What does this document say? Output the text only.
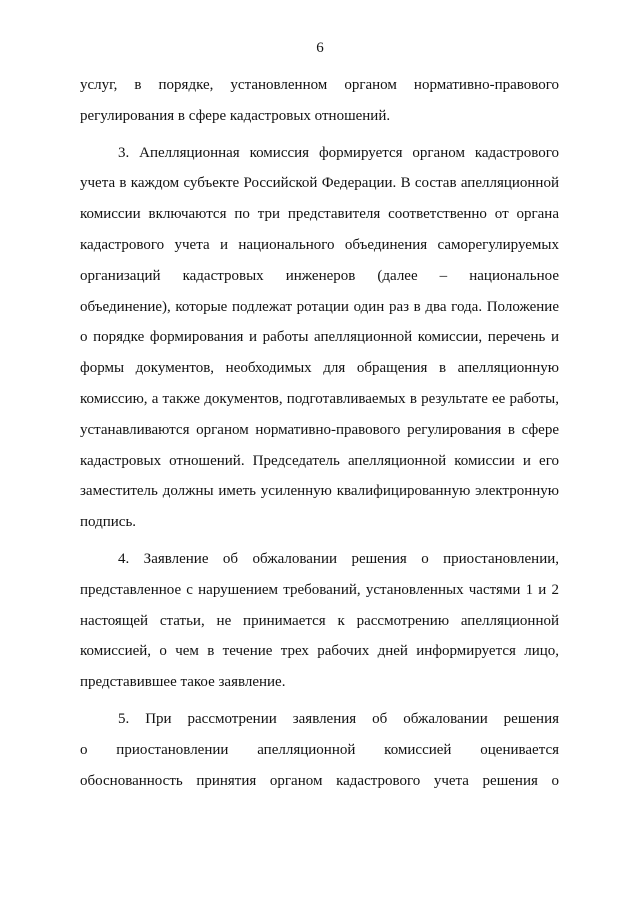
6
услуг, в порядке, установленном органом нормативно-правового
регулирования в сфере кадастровых отношений.
3. Апелляционная комиссия формируется органом кадастрового
учета в каждом субъекте Российской Федерации. В состав апелляционной
комиссии включаются по три представителя соответственно от органа
кадастрового учета и национального объединения саморегулируемых
организаций кадастровых инженеров (далее – национальное
объединение), которые подлежат ротации один раз в два года. Положение
о порядке формирования и работы апелляционной комиссии, перечень и
формы документов, необходимых для обращения в апелляционную
комиссию, а также документов, подготавливаемых в результате ее работы,
устанавливаются органом нормативно-правового регулирования в сфере
кадастровых отношений. Председатель апелляционной комиссии и его
заместитель должны иметь усиленную квалифицированную электронную
подпись.
4. Заявление об обжаловании решения о приостановлении,
представленное с нарушением требований, установленных частями 1 и 2
настоящей статьи, не принимается к рассмотрению апелляционной
комиссией, о чем в течение трех рабочих дней информируется лицо,
представившее такое заявление.
5. При рассмотрении заявления об обжаловании решения
о приостановлении апелляционной комиссией оценивается
обоснованность принятия органом кадастрового учета решения о
